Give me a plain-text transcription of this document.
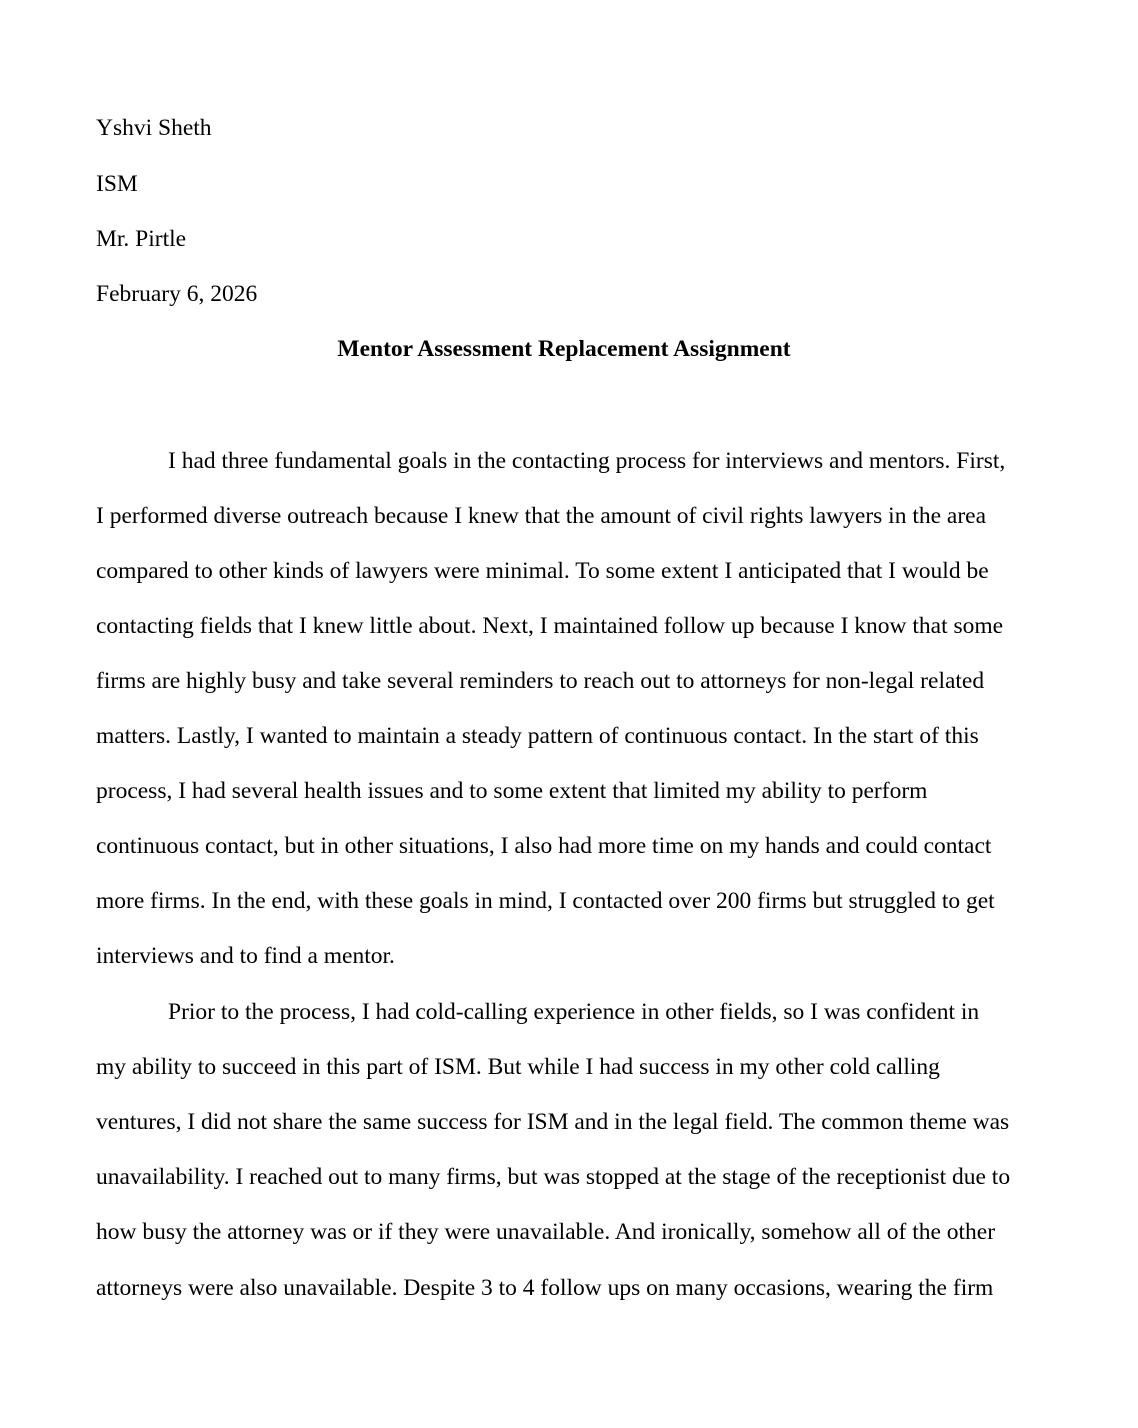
Yshvi Sheth
ISM
Mr. Pirtle
February 6, 2026
Mentor Assessment Replacement Assignment
I had three fundamental goals in the contacting process for interviews and mentors. First,
I performed diverse outreach because I knew that the amount of civil rights lawyers in the area
compared to other kinds of lawyers were minimal. To some extent I anticipated that I would be
contacting fields that I knew little about. Next, I maintained follow up because I know that some
firms are highly busy and take several reminders to reach out to attorneys for non-legal related
matters. Lastly, I wanted to maintain a steady pattern of continuous contact. In the start of this
process, I had several health issues and to some extent that limited my ability to perform
continuous contact, but in other situations, I also had more time on my hands and could contact
more firms. In the end, with these goals in mind, I contacted over 200 firms but struggled to get
interviews and to find a mentor.
Prior to the process, I had cold-calling experience in other fields, so I was confident in
my ability to succeed in this part of ISM. But while I had success in my other cold calling
ventures, I did not share the same success for ISM and in the legal field. The common theme was
unavailability. I reached out to many firms, but was stopped at the stage of the receptionist due to
how busy the attorney was or if they were unavailable. And ironically, somehow all of the other
attorneys were also unavailable. Despite 3 to 4 follow ups on many occasions, wearing the firm
